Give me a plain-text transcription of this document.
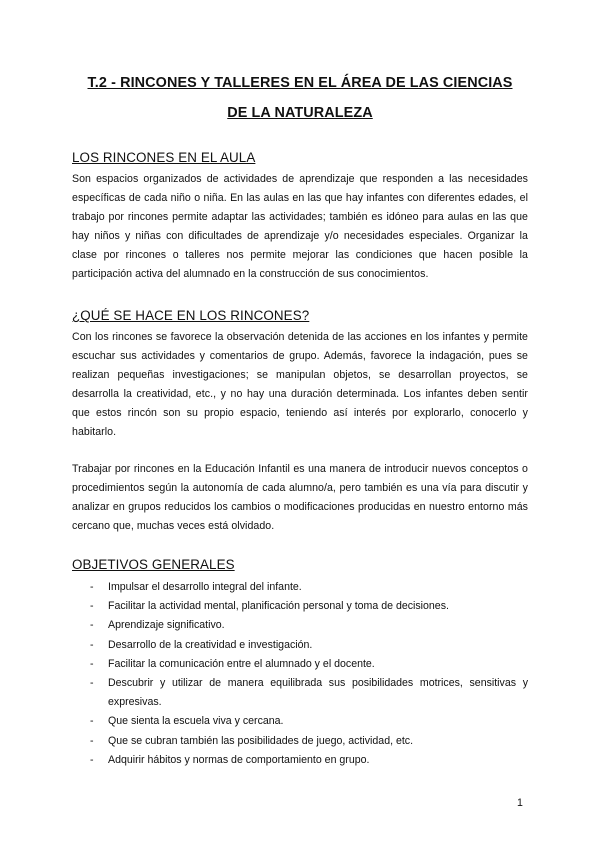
T.2 - RINCONES Y TALLERES EN EL ÁREA DE LAS CIENCIAS
DE LA NATURALEZA
LOS RINCONES EN EL AULA

Son espacios organizados de actividades de aprendizaje que responden a las necesidades específicas de cada niño o niña. En las aulas en las que hay infantes con diferentes edades, el trabajo por rincones permite adaptar las actividades; también es idóneo para aulas en las que hay niños y niñas con dificultades de aprendizaje y/o necesidades especiales. Organizar la clase por rincones o talleres nos permite mejorar las condiciones que hacen posible la participación activa del alumnado en la construcción de sus conocimientos.

¿QUÉ SE HACE EN LOS RINCONES?

Con los rincones se favorece la observación detenida de las acciones en los infantes y permite escuchar sus actividades y comentarios de grupo. Además, favorece la indagación, pues se realizan pequeñas investigaciones; se manipulan objetos, se desarrollan proyectos, se desarrolla la creatividad, etc., y no hay una duración determinada. Los infantes deben sentir que estos rincón son su propio espacio, teniendo así interés por explorarlo, conocerlo y habitarlo.

Trabajar por rincones en la Educación Infantil es una manera de introducir nuevos conceptos o procedimientos según la autonomía de cada alumno/a, pero también es una vía para discutir y analizar en grupos reducidos los cambios o modificaciones producidas en nuestro entorno más cercano que, muchas veces está olvidado.

OBJETIVOS GENERALES
- Impulsar el desarrollo integral del infante.
- Facilitar la actividad mental, planificación personal y toma de decisiones.
- Aprendizaje significativo.
- Desarrollo de la creatividad e investigación.
- Facilitar la comunicación entre el alumnado y el docente.
- Descubrir y utilizar de manera equilibrada sus posibilidades motrices, sensitivas y expresivas.
- Que sienta la escuela viva y cercana.
- Que se cubran también las posibilidades de juego, actividad, etc.
- Adquirir hábitos y normas de comportamiento en grupo.
1
